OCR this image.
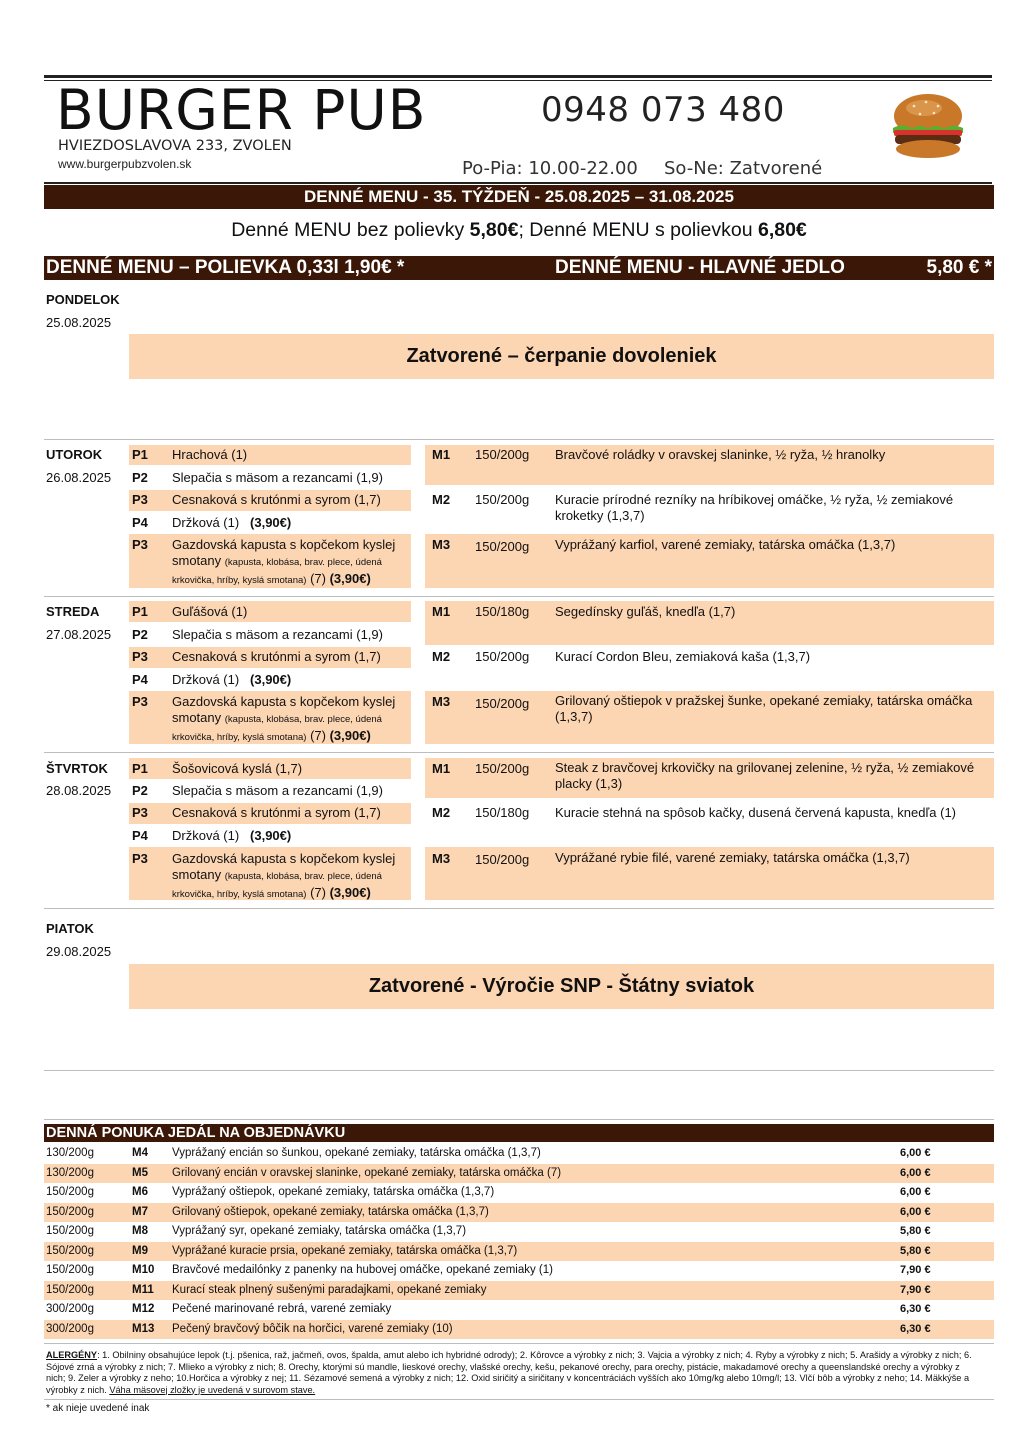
BURGER PUB
HVIEZDOSLAVOVA 233, ZVOLEN
www.burgerpubzvolen.sk
0948 073 480
Po-Pia: 10.00-22.00 So-Ne: Zatvorené
DENNÉ MENU - 35. TÝŽDEŇ - 25.08.2025 – 31.08.2025
Denné MENU bez polievky 5,80€; Denné MENU s polievkou 6,80€
DENNÉ MENU – POLIEVKA 0,33l 1,90€ *	DENNÉ MENU - HLAVNÉ JEDLO	5,80 € *
PONDELOK
25.08.2025
Zatvorené – čerpanie dovoleniek
UTOROK
26.08.2025
P1 Hrachová (1)
P2 Slepačia s mäsom a rezancami (1,9)
P3 Cesnaková s krutónmi a syrom (1,7)
P4 Držková (1) (3,90€)
P3 Gazdovská kapusta s kopčekom kyslej smotany (kapusta, klobása, brav. plece, údená krkovička, hríby, kyslá smotana) (7) (3,90€)
M1 150/200g Bravčové roládky v oravskej slaninke, ½ ryža, ½ hranolky
M2 150/200g Kuracie prírodné rezníky na hríbikovej omáčke, ½ ryža, ½ zemiakové kroketky (1,3,7)
M3 150/200g Vyprážaný karfiol, varené zemiaky, tatárska omáčka (1,3,7)
STREDA
27.08.2025
P1 Guľášová (1)
P2 Slepačia s mäsom a rezancami (1,9)
P3 Cesnaková s krutónmi a syrom (1,7)
P4 Držková (1) (3,90€)
P3 Gazdovská kapusta s kopčekom kyslej smotany (kapusta, klobása, brav. plece, údená krkovička, hríby, kyslá smotana) (7) (3,90€)
M1 150/180g Segedínsky guľáš, knedľa (1,7)
M2 150/200g Kurací Cordon Bleu, zemiaková kaša (1,3,7)
M3 150/200g Grilovaný oštiepok v pražskej šunke, opekané zemiaky, tatárska omáčka (1,3,7)
ŠTVRTOK
28.08.2025
P1 Šošovicová kyslá (1,7)
P2 Slepačia s mäsom a rezancami (1,9)
P3 Cesnaková s krutónmi a syrom (1,7)
P4 Držková (1) (3,90€)
P3 Gazdovská kapusta s kopčekom kyslej smotany (kapusta, klobása, brav. plece, údená krkovička, hríby, kyslá smotana) (7) (3,90€)
M1 150/200g Steak z bravčovej krkovičky na grilovanej zelenine, ½ ryža, ½ zemiakové placky (1,3)
M2 150/180g Kuracie stehná na spôsob kačky, dusená červená kapusta, knedľa (1)
M3 150/200g Vyprážané rybie filé, varené zemiaky, tatárska omáčka (1,3,7)
PIATOK
29.08.2025
Zatvorené - Výročie SNP - Štátny sviatok
DENNÁ PONUKA JEDÁL NA OBJEDNÁVKU
130/200g	M4 Vyprážaný encián so šunkou, opekané zemiaky, tatárska omáčka (1,3,7)	6,00 €
130/200g	M5 Grilovaný encián v oravskej slaninke, opekané zemiaky, tatárska omáčka (7)	6,00 €
150/200g	M6 Vyprážaný oštiepok, opekané zemiaky, tatárska omáčka (1,3,7)	6,00 €
150/200g	M7 Grilovaný oštiepok, opekané zemiaky, tatárska omáčka (1,3,7)	6,00 €
150/200g	M8 Vyprážaný syr, opekané zemiaky, tatárska omáčka (1,3,7)	5,80 €
150/200g	M9 Vyprážané kuracie prsia, opekané zemiaky, tatárska omáčka (1,3,7)	5,80 €
150/200g	M10 Bravčové medailónky z panenky na hubovej omáčke, opekané zemiaky (1)	7,90 €
150/200g	M11 Kurací steak plnený sušenými paradajkami, opekané zemiaky	7,90 €
300/200g	M12 Pečené marinované rebrá, varené zemiaky	6,30 €
300/200g	M13 Pečený bravčový bôčik na horčici, varené zemiaky (10)	6,30 €
ALERGÉNY: 1. Obilniny obsahujúce lepok (t.j. pšenica, raž, jačmeň, ovos, špalda, amut alebo ich hybridné odrody); 2. Kôrovce a výrobky z nich; 3. Vajcia a výrobky z nich; 4. Ryby a výrobky z nich; 5. Arašidy a výrobky z nich; 6. Sójové zrná a výrobky z nich; 7. Mlieko a výrobky z nich; 8. Orechy, ktorými sú mandle, lieskové orechy, vlašské orechy, kešu, pekanové orechy, para orechy, pistácie, makadamové orechy a queenslandské orechy a výrobky z nich; 9. Zeler a výrobky z neho; 10.Horčica a výrobky z nej; 11. Sézamové semená a výrobky z nich; 12. Oxid siričitý a siričitany v koncentráciách vyšších ako 10mg/kg alebo 10mg/l; 13. Vlčí bôb a výrobky z neho; 14. Mäkkýše a výrobky z nich. Váha mäsovej zložky je uvedená v surovom stave.
* ak nieje uvedené inak
